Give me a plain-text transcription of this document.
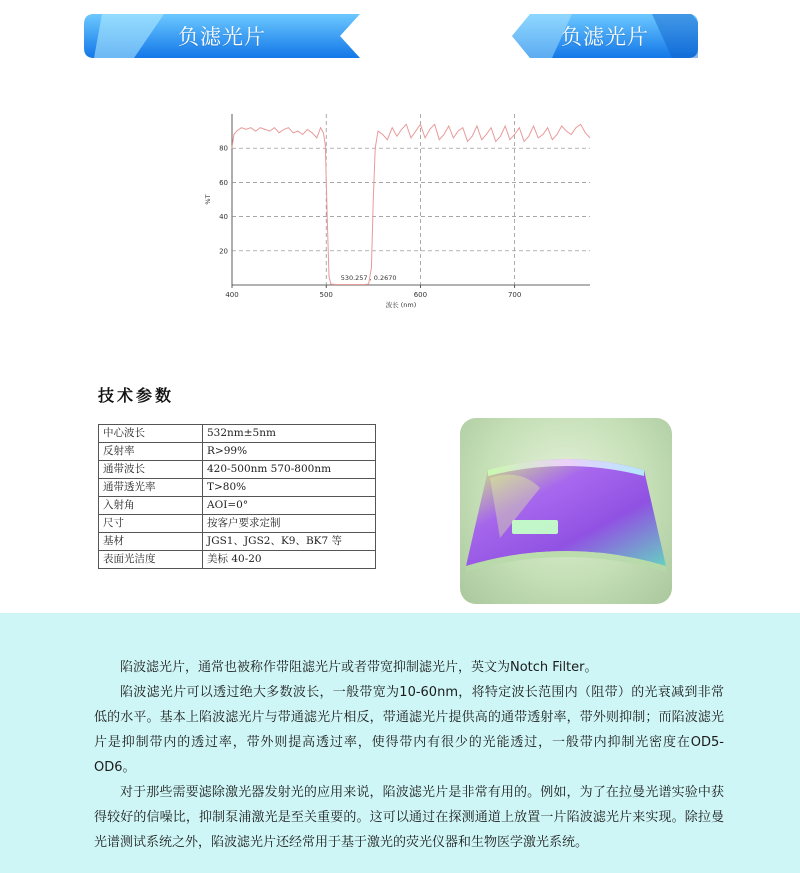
负滤光片	负滤光片
20
40
60
80
400	500	600	700
波长 (nm)
%T
530.257 , 0.2670
技术参数
中心波长	532nm±5nm
反射率	R>99%
通带波长	420-500nm 570-800nm
通带透光率	T>80%
入射角	AOI=0°
尺寸	按客户要求定制
基材	JGS1、JGS2、K9、BK7 等
表面光洁度	美标 40-20

陷波滤光片，通常也被称作带阻滤光片或者带宽抑制滤光片，英文为Notch Filter。

陷波滤光片可以透过绝大多数波长，一般带宽为10-60nm，将特定波长范围内（阻带）的光衰减到非常低的水平。基本上陷波滤光片与带通滤光片相反，带通滤光片提供高的通带透射率，带外则抑制；而陷波滤光片是抑制带内的透过率，带外则提高透过率，使得带内有很少的光能透过，一般带内抑制光密度在OD5-OD6。

对于那些需要滤除激光器发射光的应用来说，陷波滤光片是非常有用的。例如，为了在拉曼光谱实验中获得较好的信噪比，抑制泵浦激光是至关重要的。这可以通过在探测通道上放置一片陷波滤光片来实现。除拉曼光谱测试系统之外，陷波滤光片还经常用于基于激光的荧光仪器和生物医学激光系统。
